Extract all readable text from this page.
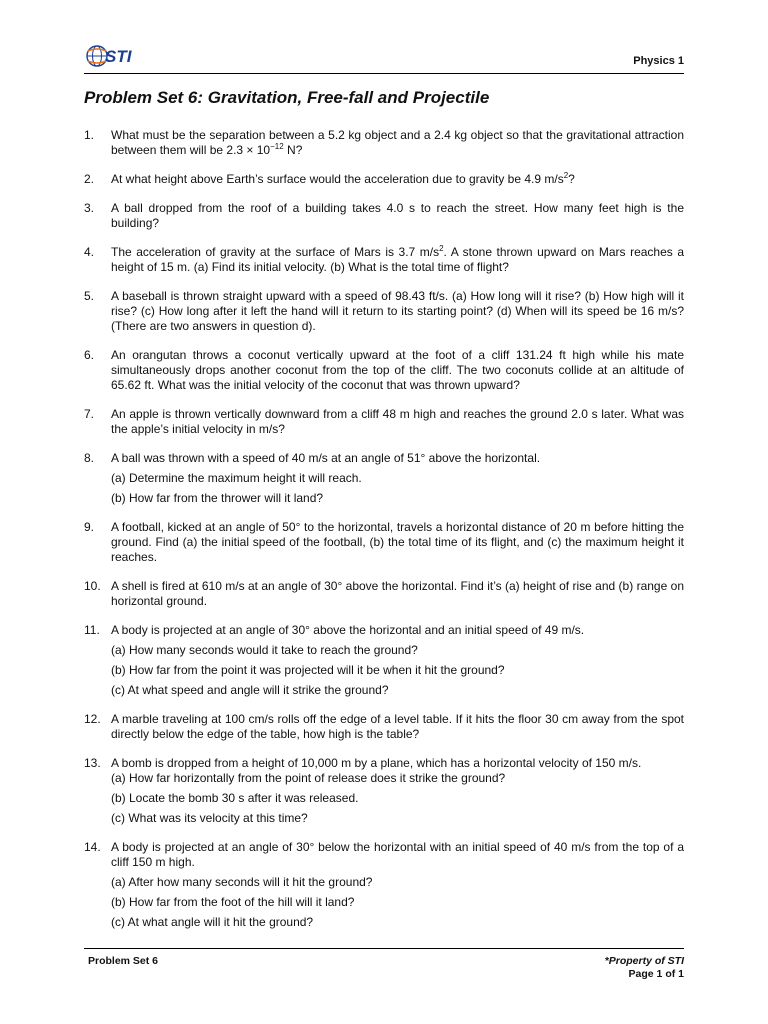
STI	Physics 1
Problem Set 6: Gravitation, Free-fall and Projectile
1. What must be the separation between a 5.2 kg object and a 2.4 kg object so that the gravitational attraction between them will be $2.3 \times 10^{-12}$ N?
2. At what height above Earth’s surface would the acceleration due to gravity be 4.9 $m/s^2$?
3. A ball dropped from the roof of a building takes 4.0 s to reach the street. How many feet high is the building?
4. The acceleration of gravity at the surface of Mars is 3.7 $m/s^2$. A stone thrown upward on Mars reaches a height of 15 m. (a) Find its initial velocity. (b) What is the total time of flight?
5. A baseball is thrown straight upward with a speed of 98.43 ft/s. (a) How long will it rise? (b) How high will it rise? (c) How long after it left the hand will it return to its starting point? (d) When will its speed be 16 m/s? (There are two answers in question d).
6. An orangutan throws a coconut vertically upward at the foot of a cliff 131.24 ft high while his mate simultaneously drops another coconut from the top of the cliff. The two coconuts collide at an altitude of 65.62 ft. What was the initial velocity of the coconut that was thrown upward?
7. An apple is thrown vertically downward from a cliff 48 m high and reaches the ground 2.0 s later. What was the apple’s initial velocity in m/s?
8. A ball was thrown with a speed of 40 m/s at an angle of 51° above the horizontal.
(a) Determine the maximum height it will reach.
(b) How far from the thrower will it land?
9. A football, kicked at an angle of 50° to the horizontal, travels a horizontal distance of 20 m before hitting the ground. Find (a) the initial speed of the football, (b) the total time of its flight, and (c) the maximum height it reaches.
10. A shell is fired at 610 m/s at an angle of 30° above the horizontal. Find it’s (a) height of rise and (b) range on horizontal ground.
11. A body is projected at an angle of 30° above the horizontal and an initial speed of 49 m/s.
(a) How many seconds would it take to reach the ground?
(b) How far from the point it was projected will it be when it hit the ground?
(c) At what speed and angle will it strike the ground?
12. A marble traveling at 100 cm/s rolls off the edge of a level table. If it hits the floor 30 cm away from the spot directly below the edge of the table, how high is the table?
13. A bomb is dropped from a height of 10,000 m by a plane, which has a horizontal velocity of 150 m/s.
(a) How far horizontally from the point of release does it strike the ground?
(b) Locate the bomb 30 s after it was released.
(c) What was its velocity at this time?
14. A body is projected at an angle of 30° below the horizontal with an initial speed of 40 m/s from the top of a cliff 150 m high.
(a) After how many seconds will it hit the ground?
(b) How far from the foot of the hill will it land?
(c) At what angle will it hit the ground?
Problem Set 6	*Property of STI
Page 1 of 1
